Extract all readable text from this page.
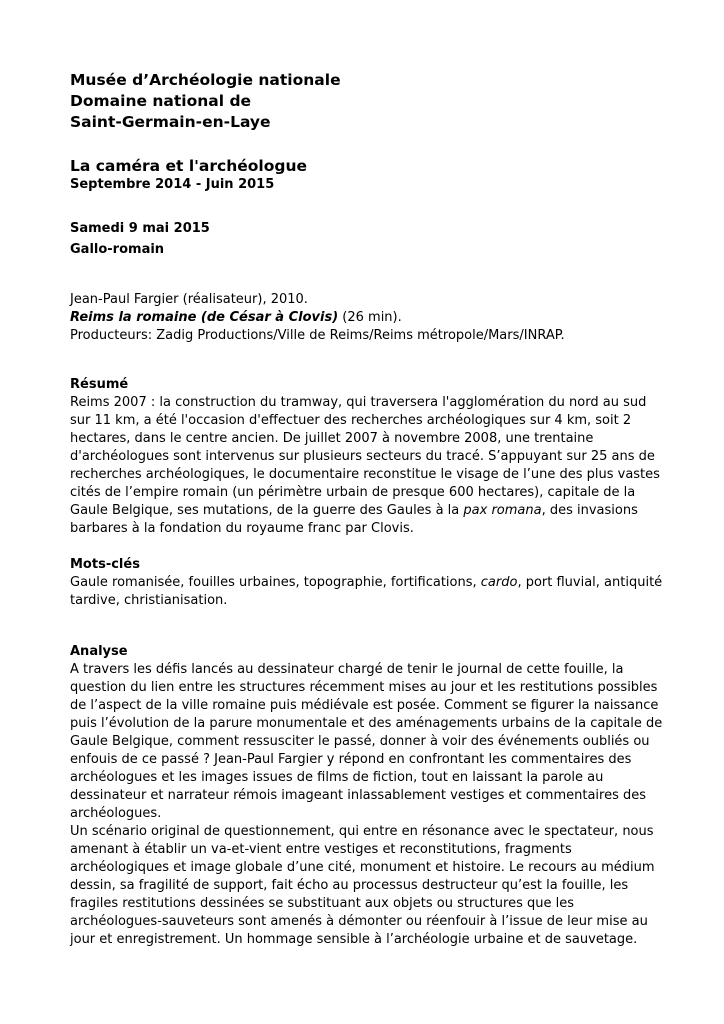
Musée d’Archéologie nationale
Domaine national de
Saint-Germain-en-Laye
La caméra et l'archéologue
Septembre 2014 - Juin 2015
Samedi 9 mai 2015
Gallo-romain
Jean-Paul Fargier (réalisateur), 2010.
Reims la romaine (de César à Clovis) (26 min).
Producteurs: Zadig Productions/Ville de Reims/Reims métropole/Mars/INRAP.
Résumé
Reims 2007 : la construction du tramway, qui traversera l'agglomération du nord au sud
sur 11 km, a été l'occasion d'effectuer des recherches archéologiques sur 4 km, soit 2
hectares, dans le centre ancien. De juillet 2007 à novembre 2008, une trentaine
d'archéologues sont intervenus sur plusieurs secteurs du tracé. S’appuyant sur 25 ans de
recherches archéologiques, le documentaire reconstitue le visage de l’une des plus vastes
cités de l’empire romain (un périmètre urbain de presque 600 hectares), capitale de la
Gaule Belgique, ses mutations, de la guerre des Gaules à la pax romana, des invasions
barbares à la fondation du royaume franc par Clovis.
Mots-clés
Gaule romanisée, fouilles urbaines, topographie, fortifications, cardo, port fluvial, antiquité
tardive, christianisation.
Analyse
A travers les défis lancés au dessinateur chargé de tenir le journal de cette fouille, la
question du lien entre les structures récemment mises au jour et les restitutions possibles
de l’aspect de la ville romaine puis médiévale est posée. Comment se figurer la naissance
puis l’évolution de la parure monumentale et des aménagements urbains de la capitale de
Gaule Belgique, comment ressusciter le passé, donner à voir des événements oubliés ou
enfouis de ce passé ? Jean-Paul Fargier y répond en confrontant les commentaires des
archéologues et les images issues de films de fiction, tout en laissant la parole au
dessinateur et narrateur rémois imageant inlassablement vestiges et commentaires des
archéologues.
Un scénario original de questionnement, qui entre en résonance avec le spectateur, nous
amenant à établir un va-et-vient entre vestiges et reconstitutions, fragments
archéologiques et image globale d’une cité, monument et histoire. Le recours au médium
dessin, sa fragilité de support, fait écho au processus destructeur qu’est la fouille, les
fragiles restitutions dessinées se substituant aux objets ou structures que les
archéologues-sauveteurs sont amenés à démonter ou réenfouir à l’issue de leur mise au
jour et enregistrement. Un hommage sensible à l’archéologie urbaine et de sauvetage.
